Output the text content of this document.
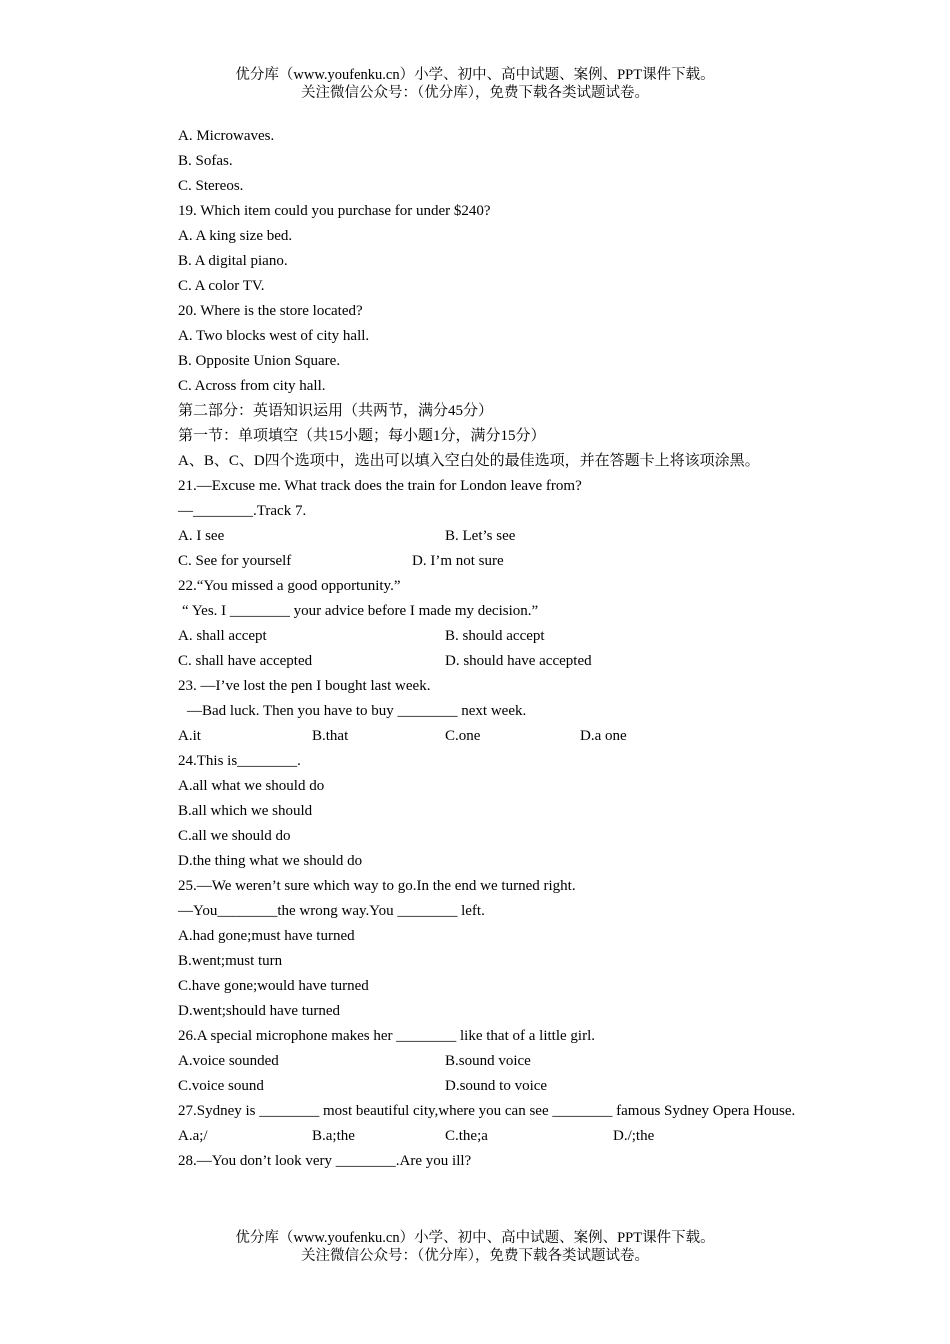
优分库（www.youfenku.cn）小学、初中、高中试题、案例、PPT课件下载。
关注微信公众号：（优分库），免费下载各类试题试卷。
A. Microwaves.
B. Sofas.
C. Stereos.
19. Which item could you purchase for under $240?
A. A king size bed.
B. A digital piano.
C. A color TV.
20. Where is the store located?
A. Two blocks west of city hall.
B. Opposite Union Square.
C. Across from city hall.
第二部分：英语知识运用（共两节，满分45分）
第一节：单项填空（共15小题；每小题1分，满分15分）
A、B、C、D四个选项中，选出可以填入空白处的最佳选项，并在答题卡上将该项涂黑。
21.—Excuse me. What track does the train for London leave from?
—________.Track 7.
A. I see	B. Let’s see
C. See for yourself	D. I’m not sure
22.“You missed a good opportunity.”
“ Yes. I ________ your advice before I made my decision.”
A. shall accept	B. should accept
C. shall have accepted	D. should have accepted
23. —I’ve lost the pen I bought last week.
—Bad luck. Then you have to buy ________ next week.
A.it	B.that	C.one	D.a one
24.This is________.
A.all what we should do
B.all which we should
C.all we should do
D.the thing what we should do
25.—We weren’t sure which way to go.In the end we turned right.
—You________the wrong way.You ________ left.
A.had gone;must have turned
B.went;must turn
C.have gone;would have turned
D.went;should have turned
26.A special microphone makes her ________ like that of a little girl.
A.voice sounded	B.sound voice
C.voice sound	D.sound to voice
27.Sydney is ________ most beautiful city,where you can see ________ famous Sydney Opera House.
A.a;/	B.a;the	C.the;a	D./;the
28.—You don’t look very ________.Are you ill?
优分库（www.youfenku.cn）小学、初中、高中试题、案例、PPT课件下载。
关注微信公众号：（优分库），免费下载各类试题试卷。
